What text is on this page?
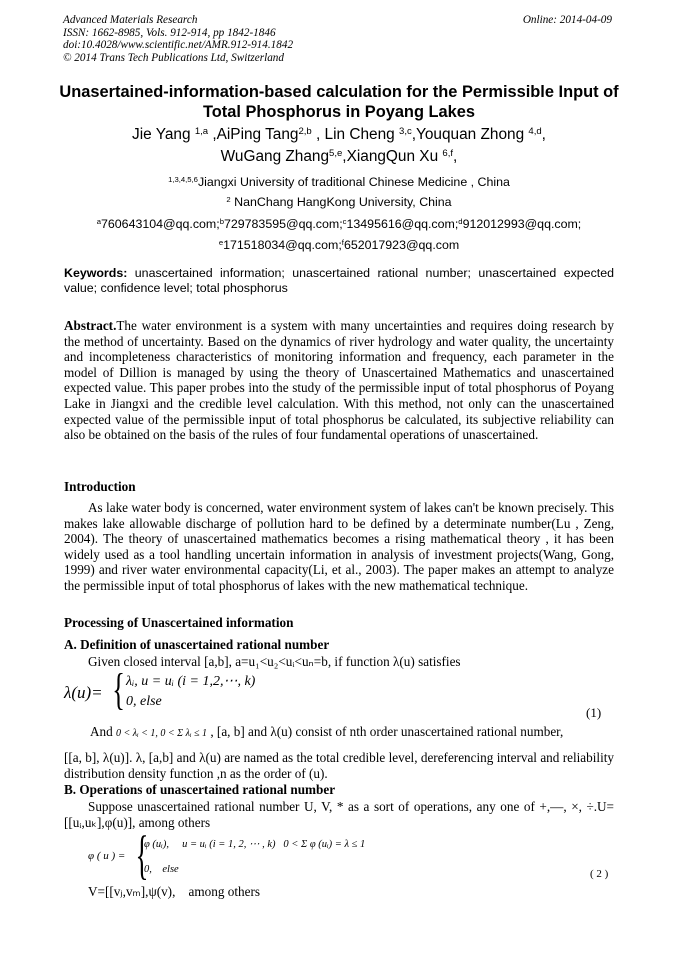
Advanced Materials Research
ISSN: 1662-8985, Vols. 912-914, pp 1842-1846
doi:10.4028/www.scientific.net/AMR.912-914.1842
© 2014 Trans Tech Publications Ltd, Switzerland
Online: 2014-04-09
Unasertained-information-based calculation for the Permissible Input of
Total Phosphorus in Poyang Lakes
Jie Yang $^{1,a}$ ,AiPing Tang$^{2,b}$ , Lin Cheng $^{3,c}$,Youquan Zhong $^{4,d}$,
WuGang Zhang$^{5,e}$,XiangQun Xu $^{6,f}$,
$^{1,3,4,5,6}$Jiangxi University of traditional Chinese Medicine , China
$^2$ NanChang HangKong University, China
$^a$760643104@qq.com;$^b$729783595@qq.com;$^c$13495616@qq.com;$^d$912012993@qq.com;
$^e$171518034@qq.com;$^f$652017923@qq.com
Keywords: unascertained information; unascertained rational number; unascertained expected value; confidence level; total phosphorus
Abstract.The water environment is a system with many uncertainties and requires doing research by the method of uncertainty. Based on the dynamics of river hydrology and water quality, the uncertainty and incompleteness characteristics of monitoring information and frequency, each parameter in the model of Dillion is managed by using the theory of Unascertained Mathematics and unascertained expected value. This paper probes into the study of the permissible input of total phosphorus of Poyang Lake in Jiangxi and the credible level calculation. With this method, not only can the unascertained expected value of the permissible input of total phosphorus be calculated, its subjective reliability can also be obtained on the basis of the rules of four fundamental operations of unascertained.
Introduction
As lake water body is concerned, water environment system of lakes can't be known precisely. This makes lake allowable discharge of pollution hard to be defined by a determinate number(Lu , Zeng, 2004). The theory of unascertained mathematics becomes a rising mathematical theory , it has been widely used as a tool handling uncertain information in analysis of investment projects(Wang, Gong, 1999) and river water environmental capacity(Li, et al., 2003). The paper makes an attempt to analyze the permissible input of total phosphorus of lakes with the new mathematical technique.
Processing of Unascertained information
A. Definition of unascertained rational number
Given closed interval [a,b], a=u₁<u₂<uᵢ<uₙ=b, if function λ(u) satisfies
λ(u)= { λᵢ, u = uᵢ (i = 1,2,⋯, k)
0, else
(1)
And 0 < λᵢ < 1, 0 < Σ λᵢ ≤ 1 , [a, b] and λ(u) consist of nth order unascertained rational number,
[[a, b], λ(u)]. λ, [a,b] and λ(u) are named as the total credible level, dereferencing interval and reliability distribution density function ,n as the order of (u).
B. Operations of unascertained rational number
Suppose unascertained rational number U, V, * as a sort of operations, any one of +,—, ×, ÷.U=[[uᵢ,uₖ],φ(u)], among others
φ ( u ) = {
φ (uᵢ),     u = uᵢ (i = 1, 2, ⋯ , k)   0 < Σ φ (uᵢ) = λ ≤ 1
0,    else	( 2 )
V=[[vⱼ,vₘ],ψ(v),    among others
